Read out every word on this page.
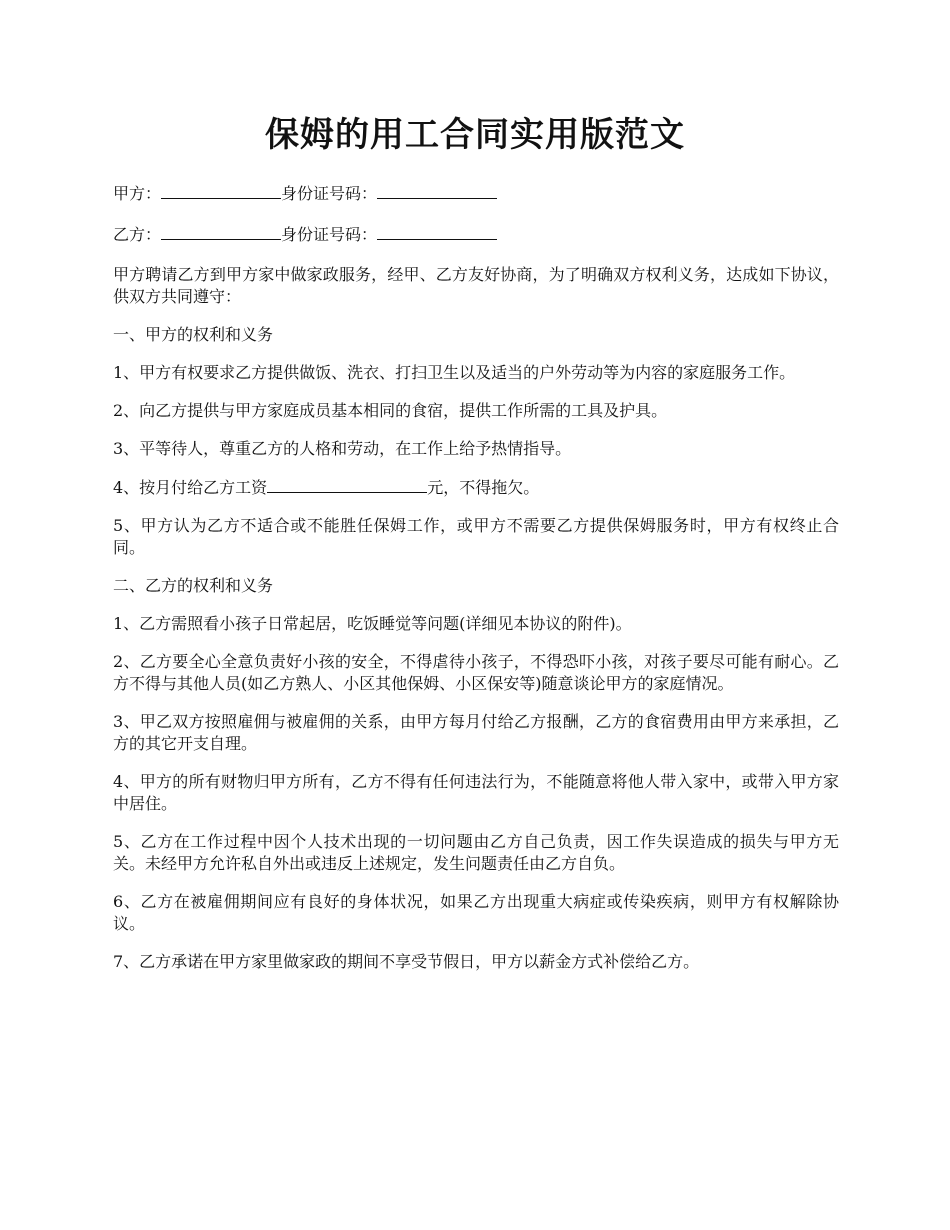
保姆的用工合同实用版范文

甲方：	身份证号码：

乙方：	身份证号码：

甲方聘请乙方到甲方家中做家政服务，经甲、乙方友好协商，为了明确双方权利义务，达成如下协议，供双方共同遵守：

一、甲方的权利和义务

1、甲方有权要求乙方提供做饭、洗衣、打扫卫生以及适当的户外劳动等为内容的家庭服务工作。

2、向乙方提供与甲方家庭成员基本相同的食宿，提供工作所需的工具及护具。

3、平等待人，尊重乙方的人格和劳动，在工作上给予热情指导。

4、按月付给乙方工资	元，不得拖欠。

5、甲方认为乙方不适合或不能胜任保姆工作，或甲方不需要乙方提供保姆服务时，甲方有权终止合同。

二、乙方的权利和义务

1、乙方需照看小孩子日常起居，吃饭睡觉等问题(详细见本协议的附件)。

2、乙方要全心全意负责好小孩的安全，不得虐待小孩子，不得恐吓小孩，对孩子要尽可能有耐心。乙方不得与其他人员(如乙方熟人、小区其他保姆、小区保安等)随意谈论甲方的家庭情况。

3、甲乙双方按照雇佣与被雇佣的关系，由甲方每月付给乙方报酬，乙方的食宿费用由甲方来承担，乙方的其它开支自理。

4、甲方的所有财物归甲方所有，乙方不得有任何违法行为，不能随意将他人带入家中，或带入甲方家中居住。

5、乙方在工作过程中因个人技术出现的一切问题由乙方自己负责，因工作失误造成的损失与甲方无关。未经甲方允许私自外出或违反上述规定，发生问题责任由乙方自负。

6、乙方在被雇佣期间应有良好的身体状况，如果乙方出现重大病症或传染疾病，则甲方有权解除协议。

7、乙方承诺在甲方家里做家政的期间不享受节假日，甲方以薪金方式补偿给乙方。
